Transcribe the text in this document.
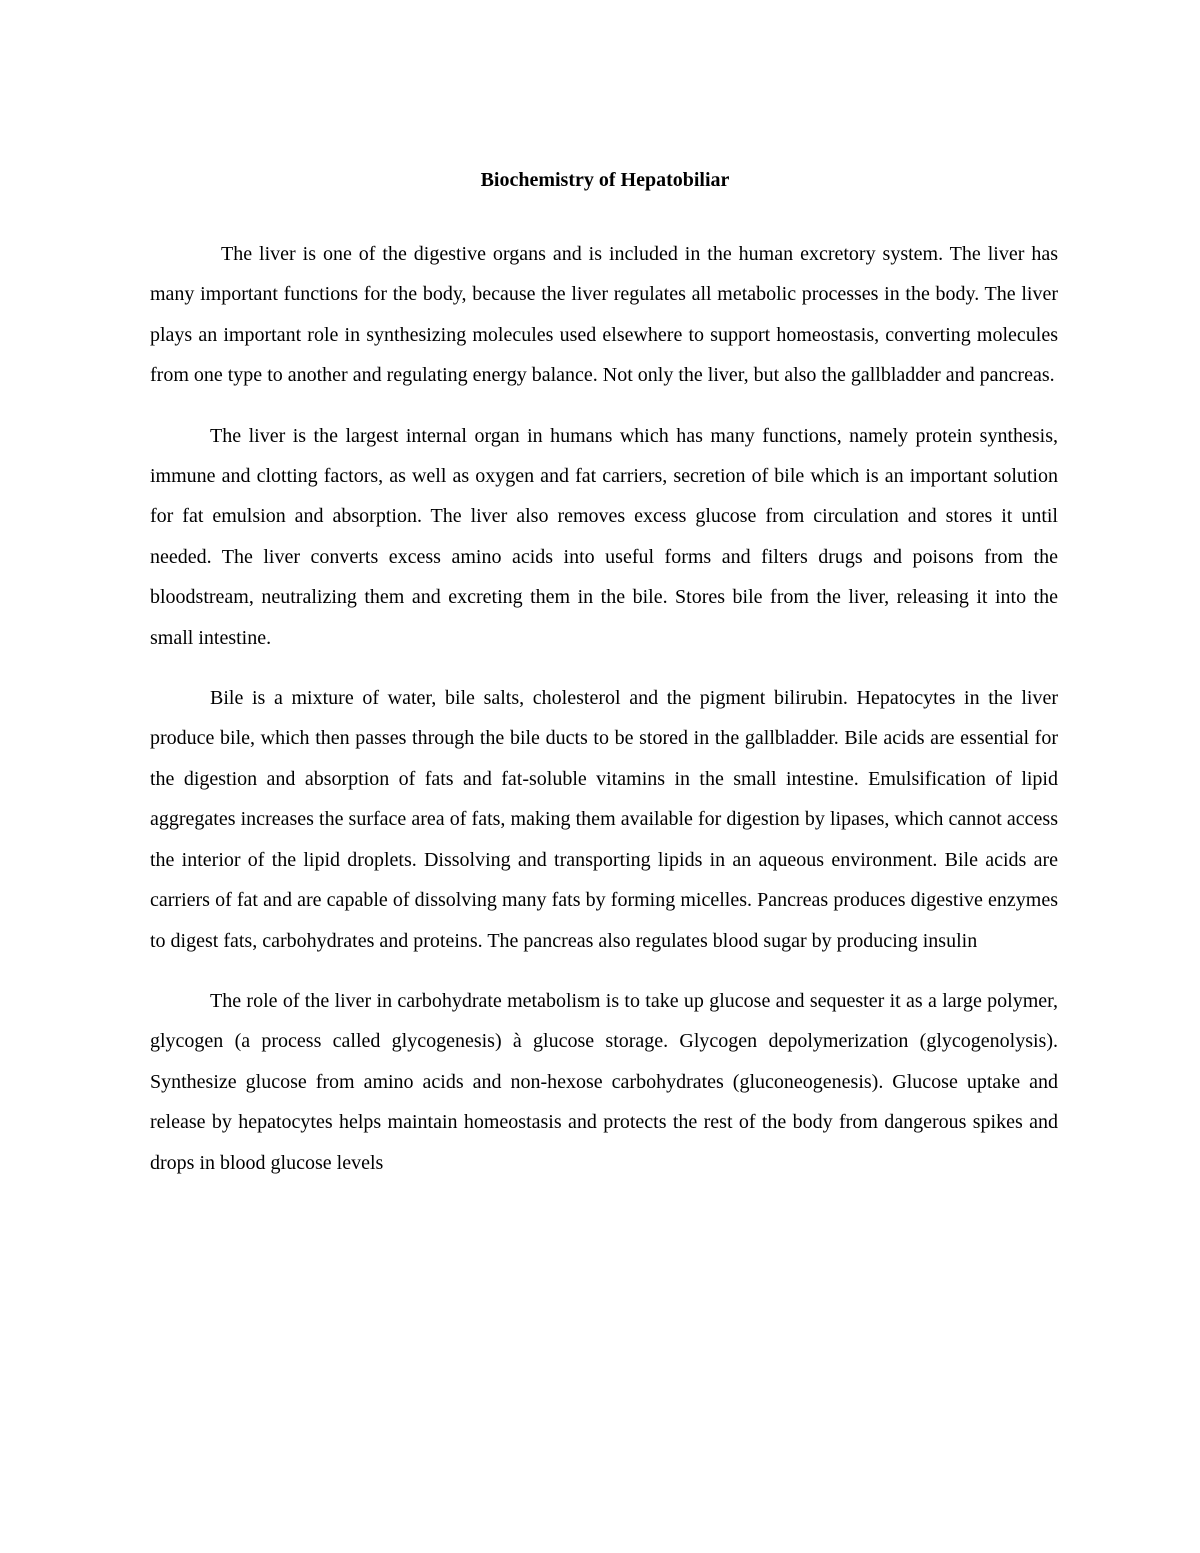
Biochemistry of Hepatobiliar

The liver is one of the digestive organs and is included in the human excretory system. The liver has many important functions for the body, because the liver regulates all metabolic processes in the body. The liver plays an important role in synthesizing molecules used elsewhere to support homeostasis, converting molecules from one type to another and regulating energy balance. Not only the liver, but also the gallbladder and pancreas.

The liver is the largest internal organ in humans which has many functions, namely protein synthesis, immune and clotting factors, as well as oxygen and fat carriers, secretion of bile which is an important solution for fat emulsion and absorption. The liver also removes excess glucose from circulation and stores it until needed. The liver converts excess amino acids into useful forms and filters drugs and poisons from the bloodstream, neutralizing them and excreting them in the bile. Stores bile from the liver, releasing it into the small intestine.

Bile is a mixture of water, bile salts, cholesterol and the pigment bilirubin. Hepatocytes in the liver produce bile, which then passes through the bile ducts to be stored in the gallbladder. Bile acids are essential for the digestion and absorption of fats and fat-soluble vitamins in the small intestine. Emulsification of lipid aggregates increases the surface area of fats, making them available for digestion by lipases, which cannot access the interior of the lipid droplets. Dissolving and transporting lipids in an aqueous environment. Bile acids are carriers of fat and are capable of dissolving many fats by forming micelles. Pancreas produces digestive enzymes to digest fats, carbohydrates and proteins. The pancreas also regulates blood sugar by producing insulin

The role of the liver in carbohydrate metabolism is to take up glucose and sequester it as a large polymer, glycogen (a process called glycogenesis) à glucose storage. Glycogen depolymerization (glycogenolysis). Synthesize glucose from amino acids and non-hexose carbohydrates (gluconeogenesis). Glucose uptake and release by hepatocytes helps maintain homeostasis and protects the rest of the body from dangerous spikes and drops in blood glucose levels
